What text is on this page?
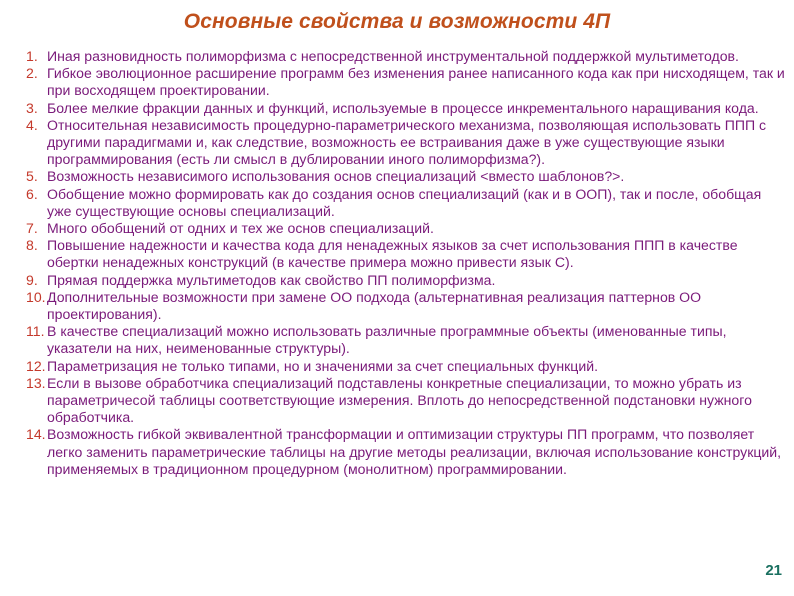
Основные свойства и возможности 4П
1. Иная разновидность полиморфизма с непосредственной инструментальной поддержкой мультиметодов.
2. Гибкое эволюционное расширение программ без изменения ранее написанного кода как при нисходящем, так и при восходящем проектировании.
3. Более мелкие фракции данных и функций, используемые в процессе инкрементального наращивания кода.
4. Относительная независимость процедурно-параметрического механизма, позволяющая использовать ППП с другими парадигмами и, как следствие, возможность ее встраивания даже в уже существующие языки программирования (есть ли смысл в дублировании иного полиморфизма?).
5. Возможность независимого использования основ специализаций <вместо шаблонов?>.
6. Обобщение можно формировать как до создания основ специализаций (как и в ООП), так и после, обобщая уже существующие основы специализаций.
7. Много обобщений от одних и тех же основ специализаций.
8. Повышение надежности и качества кода для ненадежных языков за счет использования ППП в качестве обертки ненадежных конструкций (в качестве примера можно привести язык С).
9. Прямая поддержка мультиметодов как свойство ПП полиморфизма.
10. Дополнительные возможности при замене ОО подхода (альтернативная реализация паттернов ОО проектирования).
11. В качестве специализаций можно использовать различные программные объекты (именованные типы, указатели на них, неименованные структуры).
12. Параметризация не только типами, но и значениями за счет специальных функций.
13. Если в вызове обработчика специализаций подставлены конкретные специализации, то можно убрать из параметричесой таблицы соответствующие измерения. Вплоть до непосредственной подстановки нужного обработчика.
14. Возможность гибкой эквивалентной трансформации и оптимизации структуры ПП программ, что позволяет легко заменить параметрические таблицы на другие методы реализации, включая использование конструкций, применяемых в традиционном процедурном (монолитном) программировании.
21
